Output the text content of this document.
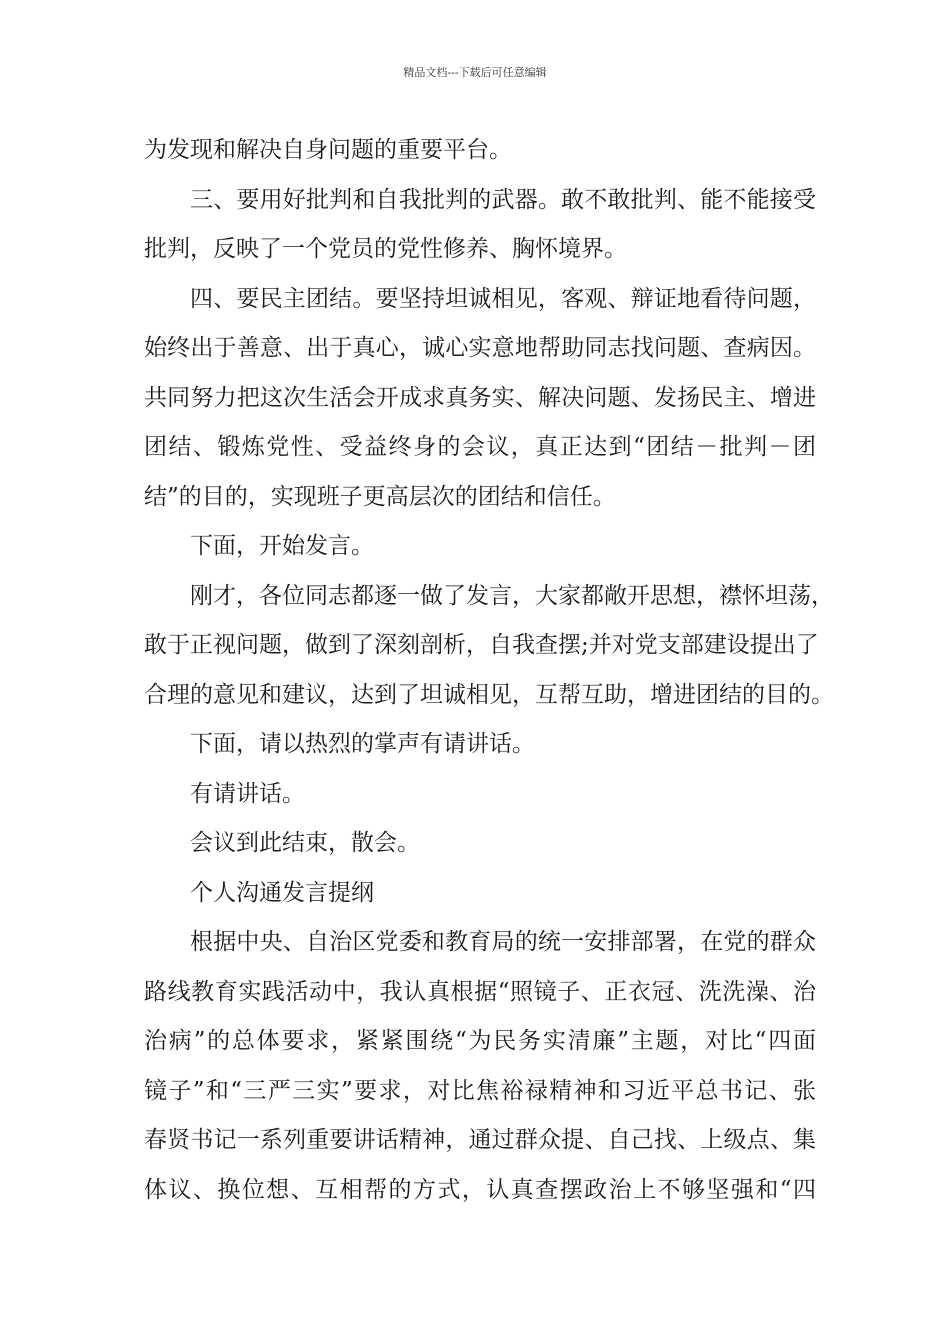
精品文档---下载后可任意编辑
为发现和解决自身问题的重要平台。
三、要用好批判和自我批判的武器。敢不敢批判、能不能接受
批判，反映了一个党员的党性修养、胸怀境界。
四、要民主团结。要坚持坦诚相见，客观、辩证地看待问题，
始终出于善意、出于真心，诚心实意地帮助同志找问题、查病因。
共同努力把这次生活会开成求真务实、解决问题、发扬民主、增进
团结、锻炼党性、受益终身的会议，真正达到“团结－批判－团
结”的目的，实现班子更高层次的团结和信任。
下面，开始发言。
刚才，各位同志都逐一做了发言，大家都敞开思想，襟怀坦荡，
敢于正视问题，做到了深刻剖析，自我查摆;并对党支部建设提出了
合理的意见和建议，达到了坦诚相见，互帮互助，增进团结的目的。
下面，请以热烈的掌声有请讲话。
有请讲话。
会议到此结束，散会。
个人沟通发言提纲
根据中央、自治区党委和教育局的统一安排部署，在党的群众
路线教育实践活动中，我认真根据“照镜子、正衣冠、洗洗澡、治
治病”的总体要求，紧紧围绕“为民务实清廉”主题，对比“四面
镜子”和“三严三实”要求，对比焦裕禄精神和习近平总书记、张
春贤书记一系列重要讲话精神，通过群众提、自己找、上级点、集
体议、换位想、互相帮的方式，认真查摆政治上不够坚强和“四
